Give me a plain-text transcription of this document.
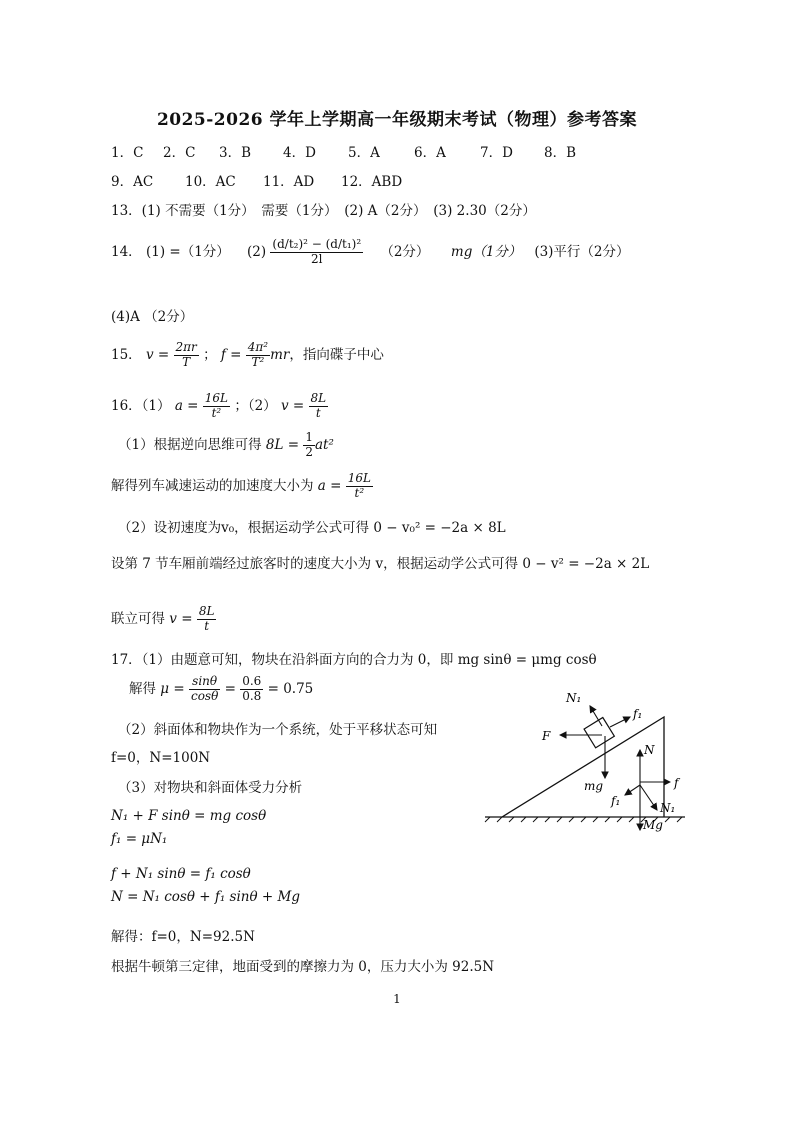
2025-2026 学年上学期高一年级期末考试（物理）参考答案
1．C 2．C 3．B 4．D 5．A	6．A	7．D 8．B
9．AC 10．AC 11．AD 12．ABD
13．(1) 不需要（1分）　需要（1分）　(2) A（2分）　(3) 2.30（2分）
14． (1) =（1分） $(2) \frac{\text{(d/t₂)² − (d/t₁)²}}{2l} (2$分） mg（1分） (3)平行（2分）
(4)A （2分）
15． $v = \frac{2\pi r}{T}$ ； $f = \frac{\text{4π²}}{\text{T²}}$ mr，指向碟子中心
16．（1） $a = \frac{16L}{\text{t²}}$ ；（2） $v = \frac{8L}{t}$
（1）根据逆向思维可得 $8L = \frac{1}{2} at^2$
解得列车减速运动的加速度大小为 $a = \frac{16L}{\text{t²}}$
（2）设初速度为v₀，根据运动学公式可得 0 − v₀² = −2a × 8L
设第 7 节车厢前端经过旅客时的速度大小为 v，根据运动学公式可得 0 − v² = −2a × 2L
联立可得 $v = \frac{8L}{t}$
17．（1）由题意可知，物块在沿斜面方向的合力为 0，即 mg sinθ = μmg cosθ
解得 $\mu = \frac{\sin\theta}{\cos\theta} = \frac{0.6}{0.8} = 0.75$
（2）斜面体和物块作为一个系统，处于平移状态可知
f=0，N=100N
（3）对物块和斜面体受力分析
N₁ + F sinθ = mg cosθ
f₁ = μN₁
f + N₁ sinθ = f₁ cosθ
N = N₁ cosθ + f₁ sinθ + Mg
解得：f=0，N=92.5N
根据牛顿第三定律，地面受到的摩擦力为 0，压力大小为 92.5N
N₁
f₁
F
mg
N
f
f₁	N₁
Mg
1
